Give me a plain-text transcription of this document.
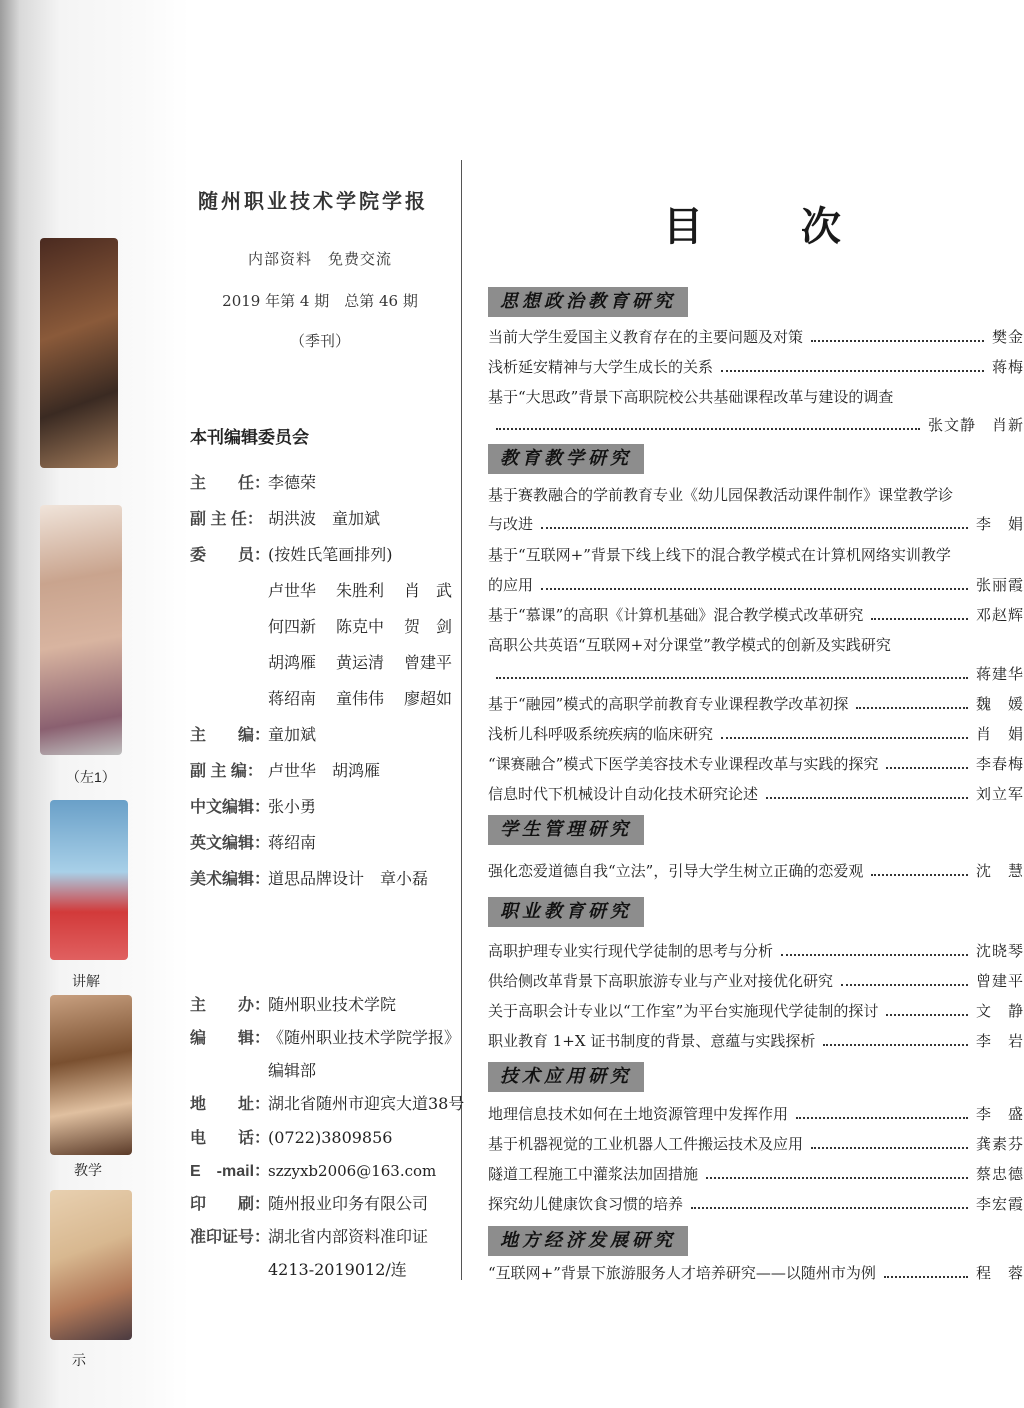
（左1）
讲解
教学
示
随州职业技术学院学报
内部资料　免费交流
2019 年第 4 期　总第 46 期
（季刊）
本刊编辑委员会
主　　任：李德荣
副 主 任： 胡洪波　童加斌
委　　员：(按姓氏笔画排列)
卢世华 朱胜利 肖　武
何四新 陈克中 贺　剑
胡鸿雁 黄运清 曾建平
蒋绍南 童伟伟 廖超如
主　　编：童加斌
副 主 编： 卢世华　胡鸿雁
中文编辑：张小勇
英文编辑：蒋绍南
美术编辑：道思品牌设计　章小磊
主　　办：随州职业技术学院
编　　辑：《随州职业技术学院学报》
编辑部
地　　址：湖北省随州市迎宾大道38号
电　　话：(0722)3809856
E　-mail：szzyxb2006@163.com
印　　刷：随州报业印务有限公司
准印证号：湖北省内部资料准印证
4213-2019012/连
目 次
思想政治教育研究
当前大学生爱国主义教育存在的主要问题及对策	樊金
浅析延安精神与大学生成长的关系	蒋梅
基于“大思政”背景下高职院校公共基础课程改革与建设的调查
张文静　肖新
教育教学研究
基于赛教融合的学前教育专业《幼儿园保教活动课件制作》课堂教学诊
与改进	李　娟
基于“互联网+”背景下线上线下的混合教学模式在计算机网络实训教学
的应用	张丽霞
基于“慕课”的高职《计算机基础》混合教学模式改革研究	邓赵辉
高职公共英语“互联网+对分课堂”教学模式的创新及实践研究
蒋建华
基于“融园”模式的高职学前教育专业课程教学改革初探	魏　媛
浅析儿科呼吸系统疾病的临床研究	肖　娟
“课赛融合”模式下医学美容技术专业课程改革与实践的探究	李春梅
信息时代下机械设计自动化技术研究论述	刘立军
学生管理研究
强化恋爱道德自我“立法”，引导大学生树立正确的恋爱观	沈　慧
职业教育研究
高职护理专业实行现代学徒制的思考与分析	沈晓琴
供给侧改革背景下高职旅游专业与产业对接优化研究	曾建平
关于高职会计专业以“工作室”为平台实施现代学徒制的探讨	文　静
职业教育 1+X 证书制度的背景、意蕴与实践探析	李　岩
技术应用研究
地理信息技术如何在土地资源管理中发挥作用	李　盛
基于机器视觉的工业机器人工件搬运技术及应用	龚素芬
隧道工程施工中灌浆法加固措施	蔡忠德
探究幼儿健康饮食习惯的培养	李宏霞
地方经济发展研究
“互联网+”背景下旅游服务人才培养研究——以随州市为例	程　蓉
